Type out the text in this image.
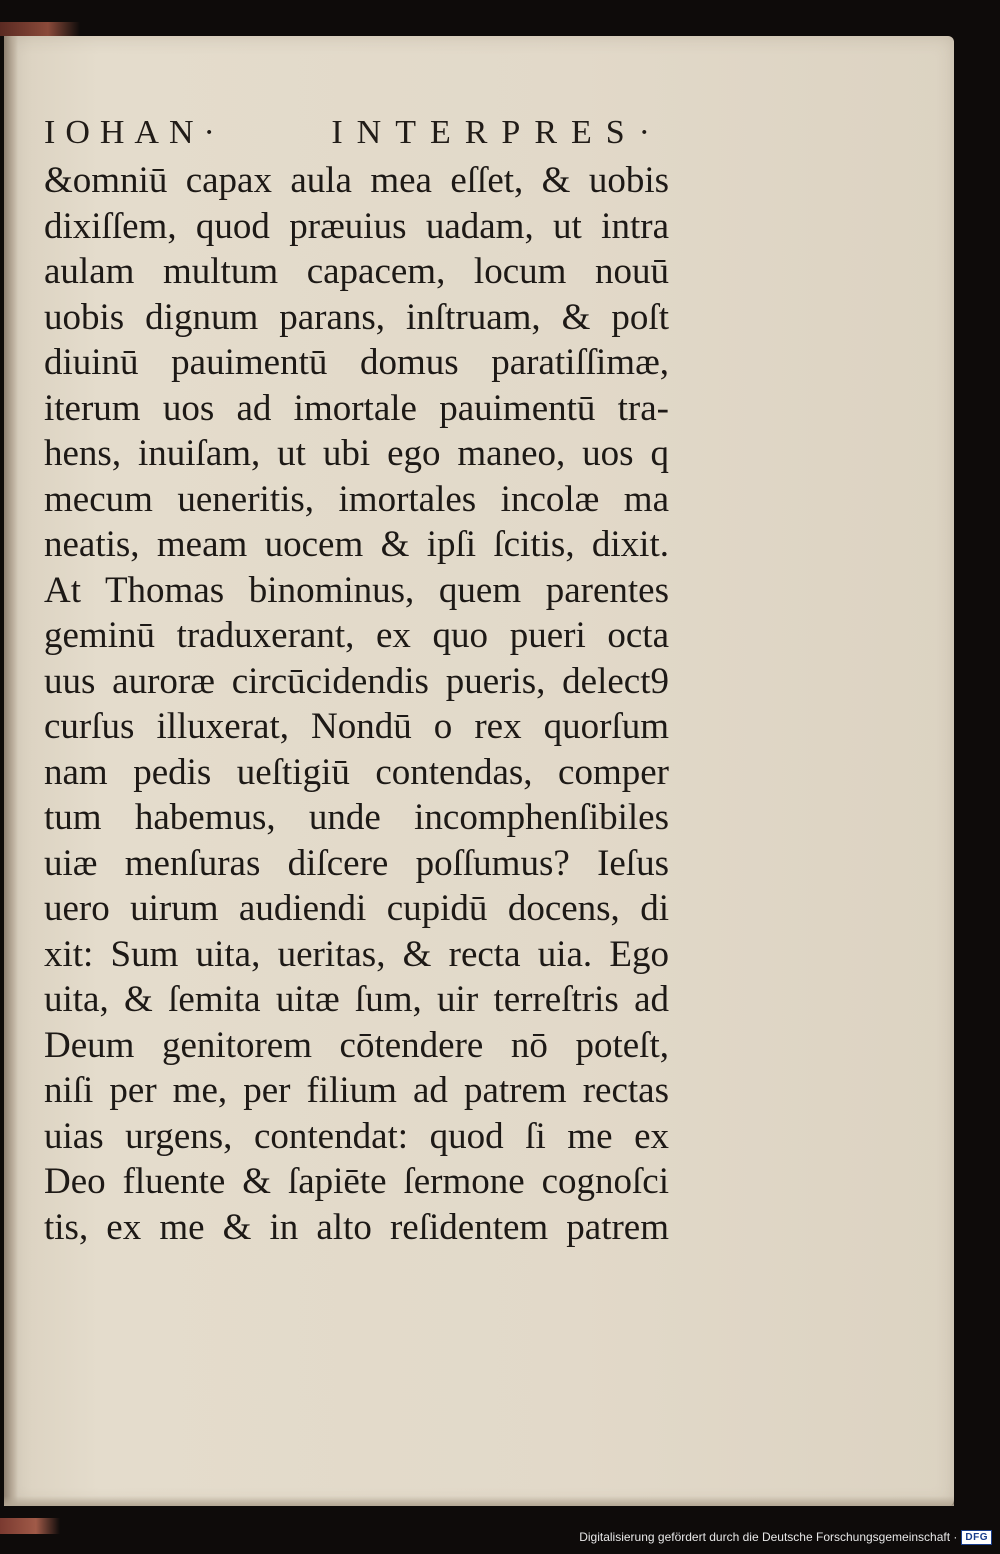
IOHAN·	INTERPRES·
&omniū capax aula mea eſſet, & uobis
dixiſſem, quod præuius uadam, ut intra
aulam multum capacem, locum nouū
uobis dignum parans, inſtruam, & poſt
diuinū pauimentū domus paratiſſimæ,
iterum uos ad imortale pauimentū tra-
hens, inuiſam, ut ubi ego maneo, uos q
mecum ueneritis, imortales incolæ ma
neatis, meam uocem & ipſi ſcitis, dixit.
At Thomas binominus, quem parentes
geminū traduxerant, ex quo pueri octa
uus auroræ circūcidendis pueris, delect9
curſus illuxerat, Nondū o rex quorſum
nam pedis ueſtigiū contendas, comper
tum habemus, unde incomphenſibiles
uiæ menſuras diſcere poſſumus? Ieſus
uero uirum audiendi cupidū docens, di
xit: Sum uita, ueritas, & recta uia. Ego
uita, & ſemita uitæ ſum, uir terreſtris ad
Deum genitorem cōtendere nō poteſt,
niſi per me, per filium ad patrem rectas
uias urgens, contendat: quod ſi me ex
Deo fluente & ſapiēte ſermone cognoſci
tis, ex me & in alto reſidentem patrem
Digitalisierung gefördert durch die Deutsche Forschungsgemeinschaft · DFG
